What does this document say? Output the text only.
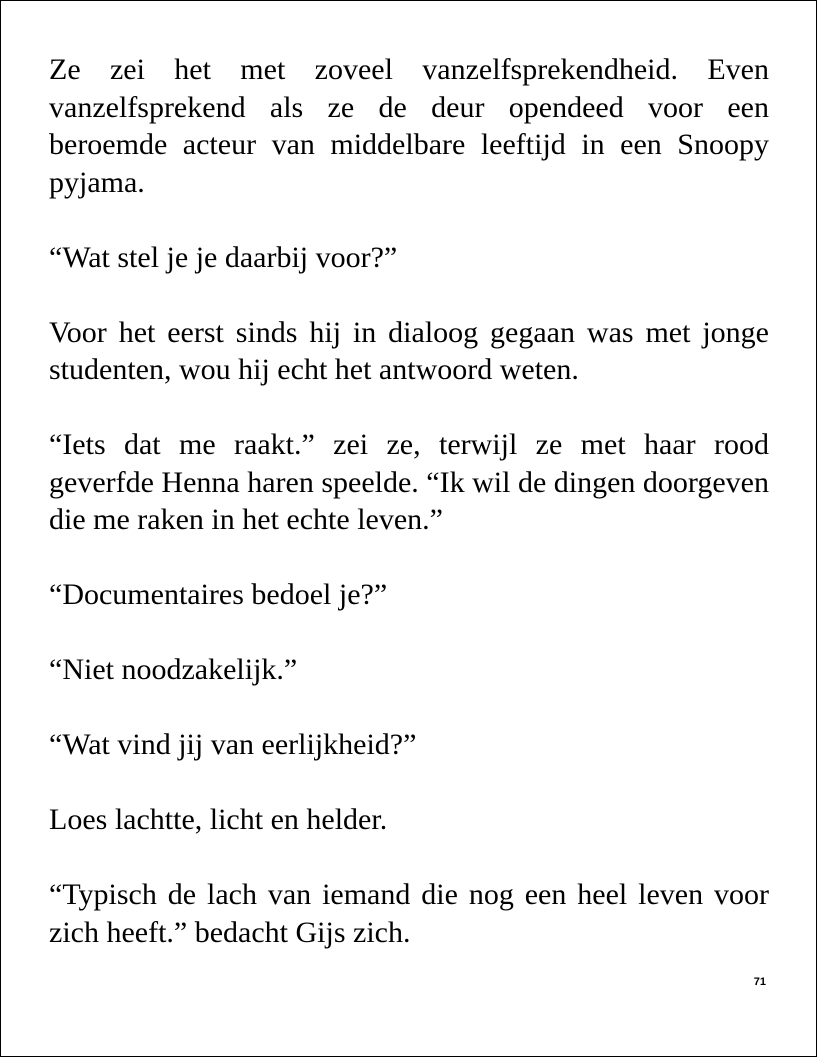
Ze zei het met zoveel vanzelfsprekendheid. Even vanzelfsprekend als ze de deur opendeed voor een beroemde acteur van middelbare leeftijd in een Snoopy pyjama.

“Wat stel je je daarbij voor?”

Voor het eerst sinds hij in dialoog gegaan was met jonge studenten, wou hij echt het antwoord weten.

“Iets dat me raakt.” zei ze, terwijl ze met haar rood geverfde Henna haren speelde. “Ik wil de dingen doorgeven die me raken in het echte leven.”

“Documentaires bedoel je?”

“Niet noodzakelijk.”

“Wat vind jij van eerlijkheid?”

Loes lachtte, licht en helder.

“Typisch de lach van iemand die nog een heel leven voor zich heeft.” bedacht Gijs zich.

71
